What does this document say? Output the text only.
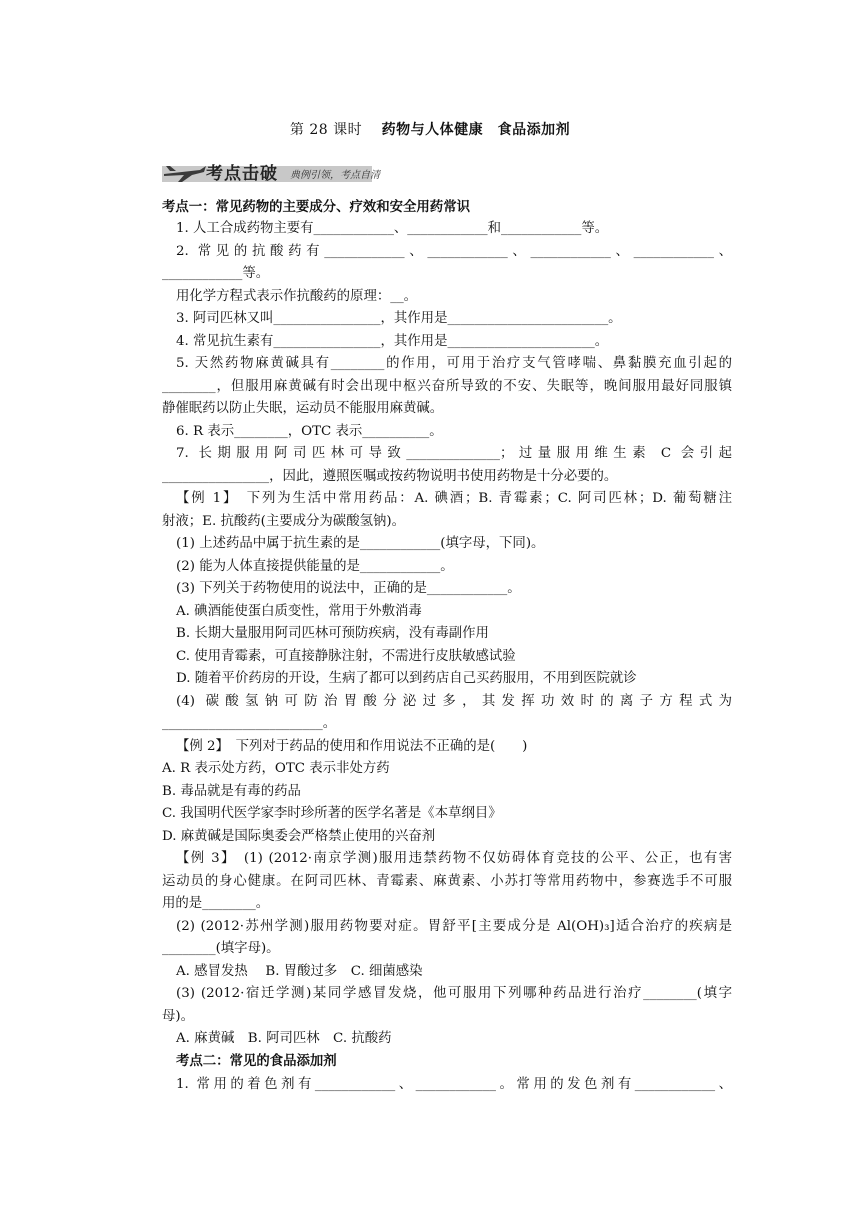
第 28 课时　 药物与人体健康　食品添加剂
考点击破 典例引领，考点自清
考点一：常见药物的主要成分、疗效和安全用药常识
1. 人工合成药物主要有____________、____________和____________等。
2. 常见的抗酸药有____________、____________、____________、____________、
____________等。
用化学方程式表示作抗酸药的原理：__。
3. 阿司匹林又叫________________，其作用是________________________。
4. 常见抗生素有________________，其作用是______________________。
5. 天然药物麻黄碱具有________的作用，可用于治疗支气管哮喘、鼻黏膜充血引起的
________，但服用麻黄碱有时会出现中枢兴奋所导致的不安、失眠等，晚间服用最好同服镇
静催眠药以防止失眠，运动员不能服用麻黄碱。
6. R 表示________，OTC 表示__________。
7. 长期服用阿司匹林可导致______________；过量服用维生素 C 会引起
________________，因此，遵照医嘱或按药物说明书使用药物是十分必要的。
【例 1】　下列为生活中常用药品：A. 碘酒；B. 青霉素；C. 阿司匹林；D. 葡萄糖注
射液；E. 抗酸药(主要成分为碳酸氢钠)。
(1) 上述药品中属于抗生素的是____________(填字母，下同)。
(2) 能为人体直接提供能量的是____________。
(3) 下列关于药物使用的说法中，正确的是____________。
A. 碘酒能使蛋白质变性，常用于外敷消毒
B. 长期大量服用阿司匹林可预防疾病，没有毒副作用
C. 使用青霉素，可直接静脉注射，不需进行皮肤敏感试验
D. 随着平价药房的开设，生病了都可以到药店自己买药服用，不用到医院就诊
(4) 碳酸氢钠可防治胃酸分泌过多，其发挥功效时的离子方程式为
________________________。
【例 2】　下列对于药品的使用和作用说法不正确的是(　　)
A. R 表示处方药，OTC 表示非处方药
B. 毒品就是有毒的药品
C. 我国明代医学家李时珍所著的医学名著是《本草纲目》
D. 麻黄碱是国际奥委会严格禁止使用的兴奋剂
【例 3】　(1) (2012·南京学测)服用违禁药物不仅妨碍体育竞技的公平、公正，也有害
运动员的身心健康。在阿司匹林、青霉素、麻黄素、小苏打等常用药物中，参赛选手不可服
用的是________。
(2) (2012·苏州学测)服用药物要对症。胃舒平[主要成分是 Al(OH)₃]适合治疗的疾病是
________(填字母)。
A. 感冒发热　 B. 胃酸过多　C. 细菌感染
(3) (2012·宿迁学测)某同学感冒发烧，他可服用下列哪种药品进行治疗________(填字
母)。
A. 麻黄碱　B. 阿司匹林　C. 抗酸药
考点二：常见的食品添加剂
1. 常用的着色剂有____________、____________。常用的发色剂有____________、
